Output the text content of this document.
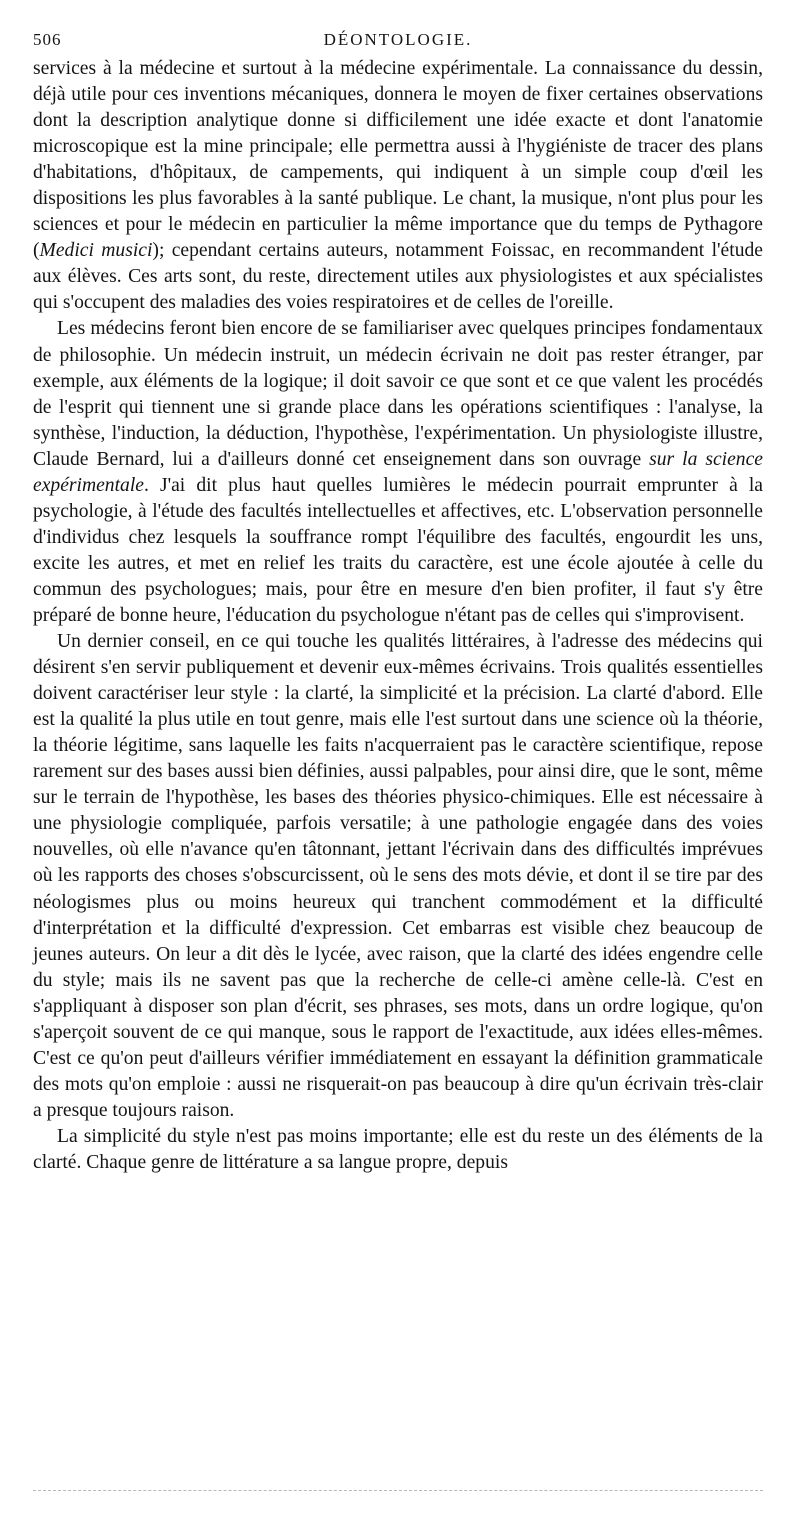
506	DÉONTOLOGIE.

services à la médecine et surtout à la médecine expérimentale. La connaissance du dessin, déjà utile pour ces inventions mécaniques, donnera le moyen de fixer certaines observations dont la description analytique donne si difficilement une idée exacte et dont l'anatomie microscopique est la mine principale; elle permettra aussi à l'hygiéniste de tracer des plans d'habitations, d'hôpitaux, de campements, qui indiquent à un simple coup d'œil les dispositions les plus favorables à la santé publique. Le chant, la musique, n'ont plus pour les sciences et pour le médecin en particulier la même importance que du temps de Pythagore (Medici musici); cependant certains auteurs, notamment Foissac, en recommandent l'étude aux élèves. Ces arts sont, du reste, directement utiles aux physiologistes et aux spécialistes qui s'occupent des maladies des voies respiratoires et de celles de l'oreille.

Les médecins feront bien encore de se familiariser avec quelques principes fondamentaux de philosophie. Un médecin instruit, un médecin écrivain ne doit pas rester étranger, par exemple, aux éléments de la logique; il doit savoir ce que sont et ce que valent les procédés de l'esprit qui tiennent une si grande place dans les opérations scientifiques : l'analyse, la synthèse, l'induction, la déduction, l'hypothèse, l'expérimentation. Un physiologiste illustre, Claude Bernard, lui a d'ailleurs donné cet enseignement dans son ouvrage sur la science expérimentale. J'ai dit plus haut quelles lumières le médecin pourrait emprunter à la psychologie, à l'étude des facultés intellectuelles et affectives, etc. L'observation personnelle d'individus chez lesquels la souffrance rompt l'équilibre des facultés, engourdit les uns, excite les autres, et met en relief les traits du caractère, est une école ajoutée à celle du commun des psychologues; mais, pour être en mesure d'en bien profiter, il faut s'y être préparé de bonne heure, l'éducation du psychologue n'étant pas de celles qui s'improvisent.

Un dernier conseil, en ce qui touche les qualités littéraires, à l'adresse des médecins qui désirent s'en servir publiquement et devenir eux-mêmes écrivains. Trois qualités essentielles doivent caractériser leur style : la clarté, la simplicité et la précision. La clarté d'abord. Elle est la qualité la plus utile en tout genre, mais elle l'est surtout dans une science où la théorie, la théorie légitime, sans laquelle les faits n'acquerraient pas le caractère scientifique, repose rarement sur des bases aussi bien définies, aussi palpables, pour ainsi dire, que le sont, même sur le terrain de l'hypothèse, les bases des théories physico-chimiques. Elle est nécessaire à une physiologie compliquée, parfois versatile; à une pathologie engagée dans des voies nouvelles, où elle n'avance qu'en tâtonnant, jettant l'écrivain dans des difficultés imprévues où les rapports des choses s'obscurcissent, où le sens des mots dévie, et dont il se tire par des néologismes plus ou moins heureux qui tranchent commodément et la difficulté d'interprétation et la difficulté d'expression. Cet embarras est visible chez beaucoup de jeunes auteurs. On leur a dit dès le lycée, avec raison, que la clarté des idées engendre celle du style; mais ils ne savent pas que la recherche de celle-ci amène celle-là. C'est en s'appliquant à disposer son plan d'écrit, ses phrases, ses mots, dans un ordre logique, qu'on s'aperçoit souvent de ce qui manque, sous le rapport de l'exactitude, aux idées elles-mêmes. C'est ce qu'on peut d'ailleurs vérifier immédiatement en essayant la définition grammaticale des mots qu'on emploie : aussi ne risquerait-on pas beaucoup à dire qu'un écrivain très-clair a presque toujours raison.

La simplicité du style n'est pas moins importante; elle est du reste un des éléments de la clarté. Chaque genre de littérature a sa langue propre, depuis
